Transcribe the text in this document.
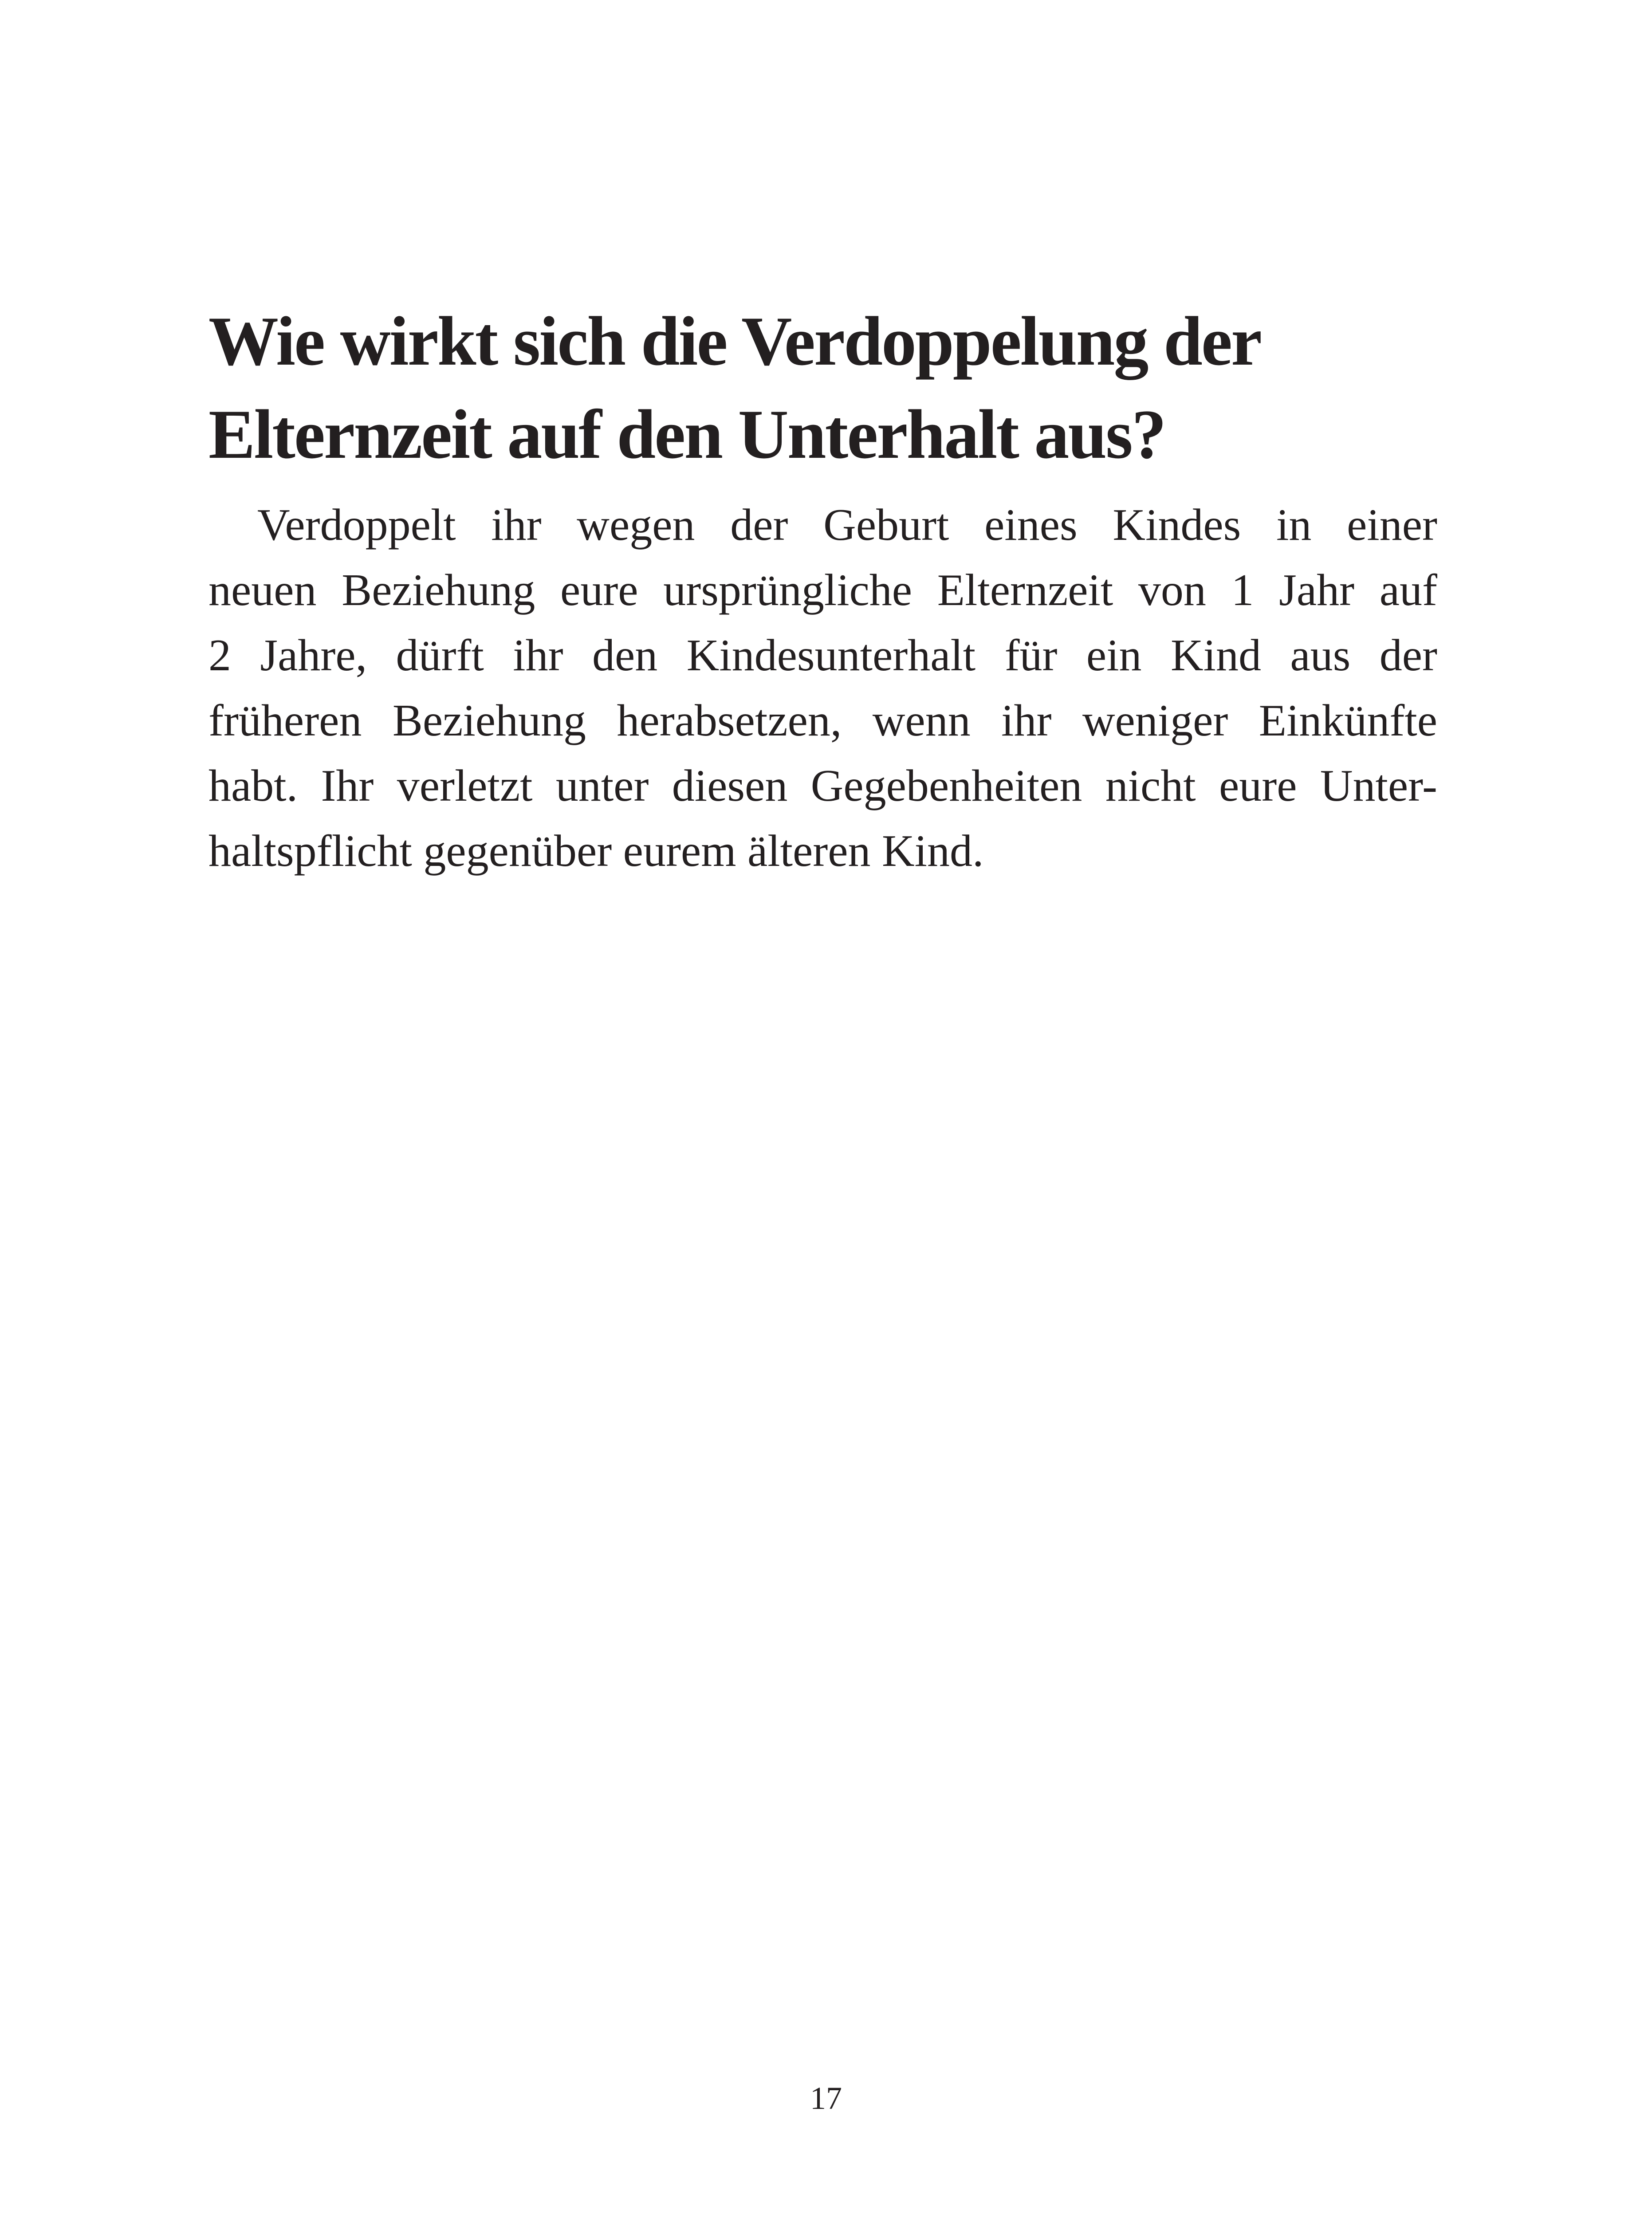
Wie wirkt sich die Verdoppelung der
Elternzeit auf den Unterhalt aus?

Verdoppelt ihr wegen der Geburt eines Kindes in einer
neuen Beziehung eure ursprüngliche Elternzeit von 1 Jahr auf
2 Jahre, dürft ihr den Kindesunterhalt für ein Kind aus der
früheren Beziehung herabsetzen, wenn ihr weniger Einkünfte
habt. Ihr verletzt unter diesen Gegebenheiten nicht eure Unter-
haltspflicht gegenüber eurem älteren Kind.

17
